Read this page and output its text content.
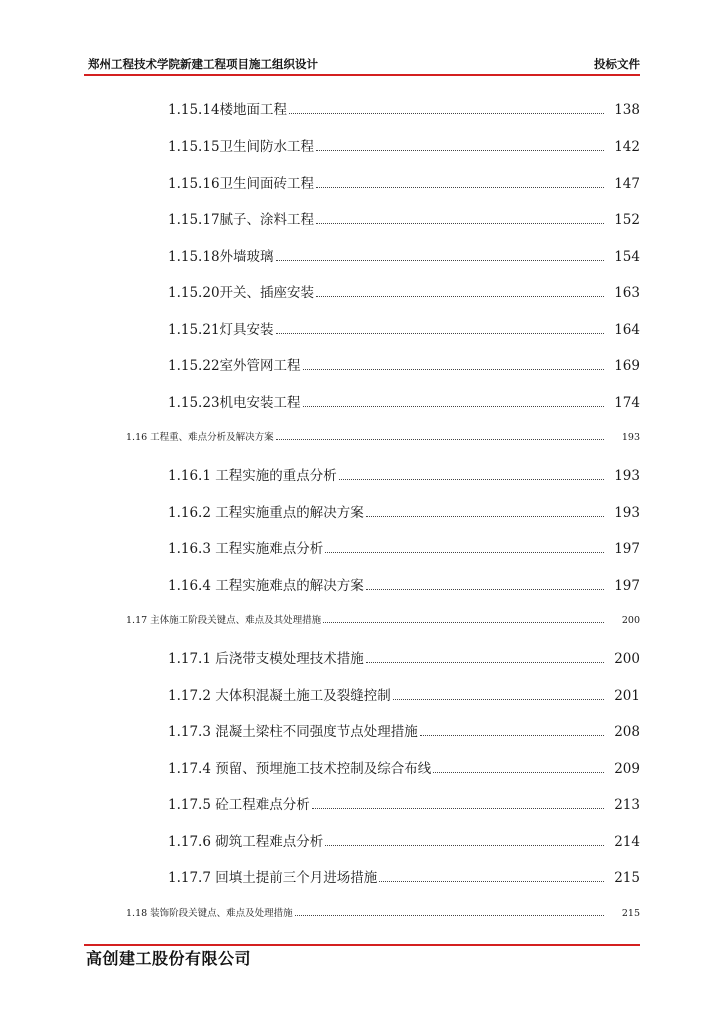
郑州工程技术学院新建工程项目施工组织设计	投标文件
1.15.14楼地面工程	138
1.15.15卫生间防水工程	142
1.15.16卫生间面砖工程	147
1.15.17腻子、涂料工程	152
1.15.18外墙玻璃	154
1.15.20开关、插座安装	163
1.15.21灯具安装	164
1.15.22室外管网工程	169
1.15.23机电安装工程	174
1.16 工程重、难点分析及解决方案	193
1.16.1 工程实施的重点分析	193
1.16.2 工程实施重点的解决方案	193
1.16.3 工程实施难点分析	197
1.16.4 工程实施难点的解决方案	197
1.17 主体施工阶段关键点、难点及其处理措施	200
1.17.1 后浇带支模处理技术措施	200
1.17.2 大体积混凝土施工及裂缝控制	201
1.17.3 混凝土梁柱不同强度节点处理措施	208
1.17.4 预留、预埋施工技术控制及综合布线	209
1.17.5 砼工程难点分析	213
1.17.6 砌筑工程难点分析	214
1.17.7 回填土提前三个月进场措施	215
1.18 装饰阶段关键点、难点及处理措施	215
高创建工股份有限公司
